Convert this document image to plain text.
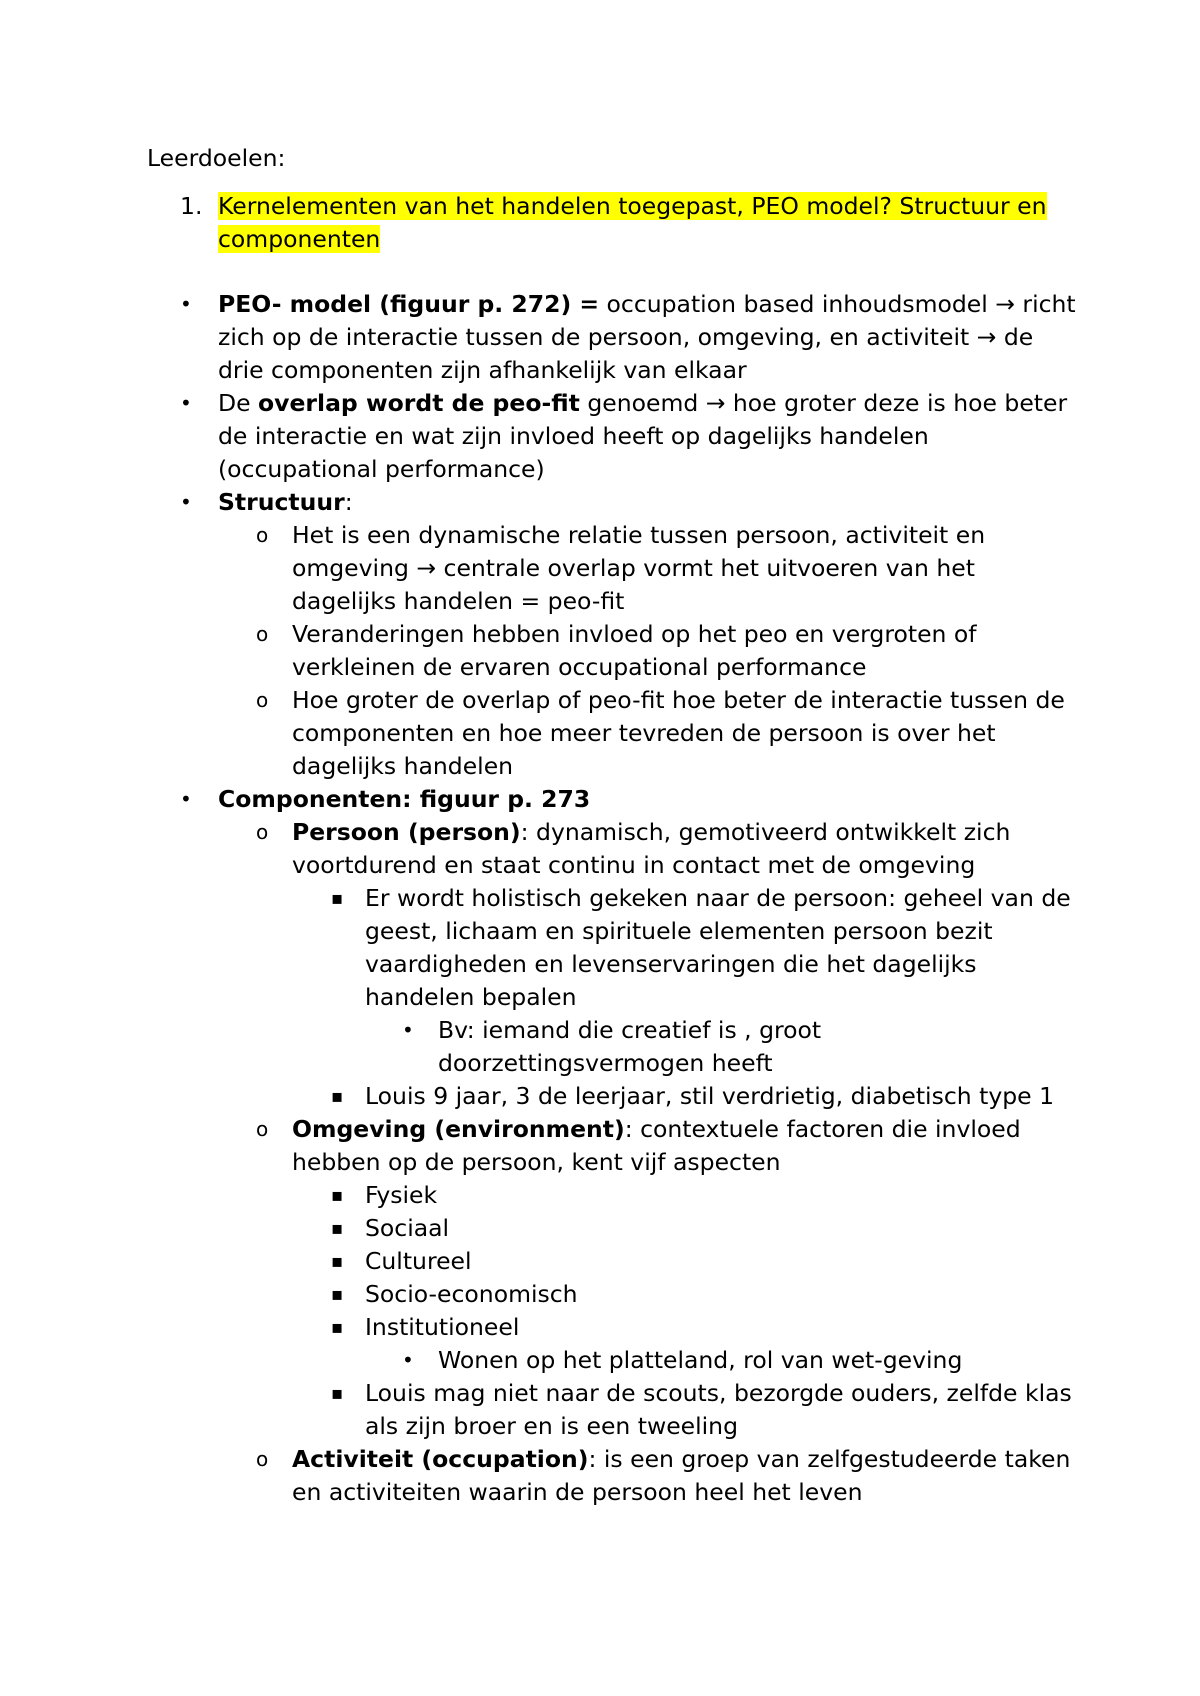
Leerdoelen:
1. Kernelementen van het handelen toegepast, PEO model? Structuur en componenten
• PEO- model (figuur p. 272) = occupation based inhoudsmodel → richt zich op de interactie tussen de persoon, omgeving, en activiteit → de drie componenten zijn afhankelijk van elkaar
• De overlap wordt de peo-fit genoemd → hoe groter deze is hoe beter de interactie en wat zijn invloed heeft op dagelijks handelen (occupational performance)
• Structuur:
o Het is een dynamische relatie tussen persoon, activiteit en omgeving → centrale overlap vormt het uitvoeren van het dagelijks handelen = peo-fit
o Veranderingen hebben invloed op het peo en vergroten of verkleinen de ervaren occupational performance
o Hoe groter de overlap of peo-fit hoe beter de interactie tussen de componenten en hoe meer tevreden de persoon is over het dagelijks handelen
• Componenten: figuur p. 273
o Persoon (person): dynamisch, gemotiveerd ontwikkelt zich voortdurend en staat continu in contact met de omgeving
▪ Er wordt holistisch gekeken naar de persoon: geheel van de geest, lichaam en spirituele elementen persoon bezit vaardigheden en levenservaringen die het dagelijks handelen bepalen
• Bv: iemand die creatief is , groot doorzettingsvermogen heeft
▪ Louis 9 jaar, 3 de leerjaar, stil verdrietig, diabetisch type 1
o Omgeving (environment): contextuele factoren die invloed hebben op de persoon, kent vijf aspecten
▪ Fysiek
▪ Sociaal
▪ Cultureel
▪ Socio-economisch
▪ Institutioneel
• Wonen op het platteland, rol van wet-geving
▪ Louis mag niet naar de scouts, bezorgde ouders, zelfde klas als zijn broer en is een tweeling
o Activiteit (occupation): is een groep van zelfgestudeerde taken en activiteiten waarin de persoon heel het leven
